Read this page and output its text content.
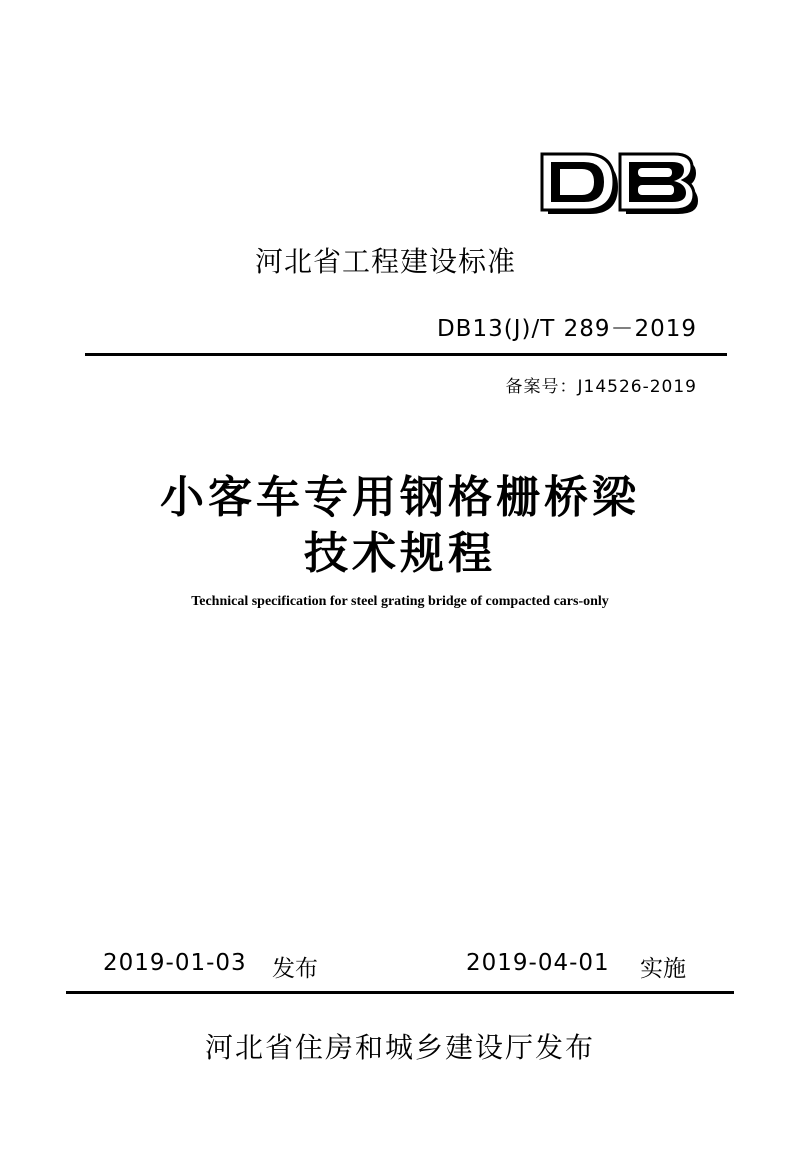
河北省工程建设标准
DB13(J)/T 289－2019
备案号：J14526-2019
小客车专用钢格栅桥梁
技术规程
Technical specification for steel grating bridge of compacted cars-only
2019-01-03 发布	2019-04-01 实施
河北省住房和城乡建设厅发布
